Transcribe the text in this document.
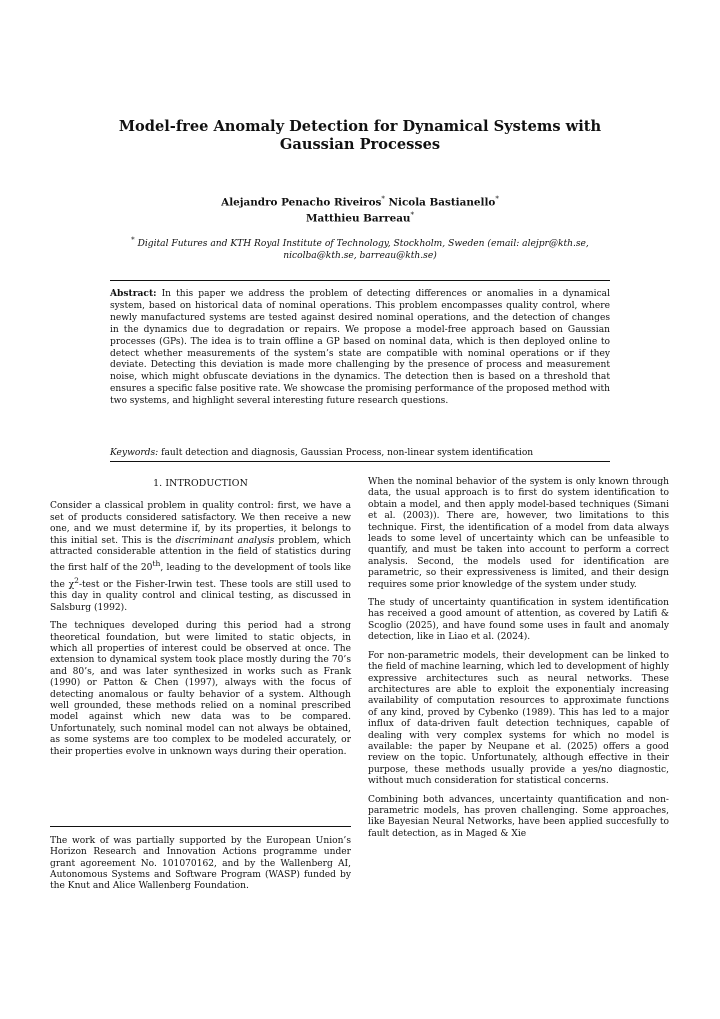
Model-free Anomaly Detection for Dynamical Systems with Gaussian Processes
Alejandro Penacho Riveiros* Nicola Bastianello*
Matthieu Barreau*
* Digital Futures and KTH Royal Institute of Technology, Stockholm, Sweden (email: alejpr@kth.se, nicolba@kth.se, barreau@kth.se)
Abstract: In this paper we address the problem of detecting differences or anomalies in a dynamical system, based on historical data of nominal operations. This problem encompasses quality control, where newly manufactured systems are tested against desired nominal operations, and the detection of changes in the dynamics due to degradation or repairs. We propose a model-free approach based on Gaussian processes (GPs). The idea is to train offline a GP based on nominal data, which is then deployed online to detect whether measurements of the system’s state are compatible with nominal operations or if they deviate. Detecting this deviation is made more challenging by the presence of process and measurement noise, which might obfuscate deviations in the dynamics. The detection then is based on a threshold that ensures a specific false positive rate. We showcase the promising performance of the proposed method with two systems, and highlight several interesting future research questions.
Keywords: fault detection and diagnosis, Gaussian Process, non-linear system identification
1. INTRODUCTION

Consider a classical problem in quality control: first, we have a set of products considered satisfactory. We then receive a new one, and we must determine if, by its properties, it belongs to this initial set. This is the discriminant analysis problem, which attracted considerable attention in the field of statistics during the first half of the 20th, leading to the development of tools like the $\chi^2$-test or the Fisher-Irwin test. These tools are still used to this day in quality control and clinical testing, as discussed in Salsburg (1992).

The techniques developed during this period had a strong theoretical foundation, but were limited to static objects, in which all properties of interest could be observed at once. The extension to dynamical system took place mostly during the 70’s and 80’s, and was later synthesized in works such as Frank (1990) or Patton & Chen (1997), always with the focus of detecting anomalous or faulty behavior of a system. Although well grounded, these methods relied on a nominal prescribed model against which new data was to be compared. Unfortunately, such nominal model can not always be obtained, as some systems are too complex to be modeled accurately, or their properties evolve in unknown ways during their operation.

The work of was partially supported by the European Union’s Horizon Research and Innovation Actions programme under grant agoreement No. 101070162, and by the Wallenberg AI, Autonomous Systems and Software Program (WASP) funded by the Knut and Alice Wallenberg Foundation.

When the nominal behavior of the system is only known through data, the usual approach is to first do system identification to obtain a model, and then apply model-based techniques (Simani et al. (2003)). There are, however, two limitations to this technique. First, the identification of a model from data always leads to some level of uncertainty which can be unfeasible to quantify, and must be taken into account to perform a correct analysis. Second, the models used for identification are parametric, so their expressiveness is limited, and their design requires some prior knowledge of the system under study.

The study of uncertainty quantification in system identification has received a good amount of attention, as covered by Latifi & Scoglio (2025), and have found some uses in fault and anomaly detection, like in Liao et al. (2024).

For non-parametric models, their development can be linked to the field of machine learning, which led to development of highly expressive architectures such as neural networks. These architectures are able to exploit the exponentialy increasing availability of computation resources to approximate functions of any kind, proved by Cybenko (1989). This has led to a major influx of data-driven fault detection techniques, capable of dealing with very complex systems for which no model is available: the paper by Neupane et al. (2025) offers a good review on the topic. Unfortunately, although effective in their purpose, these methods usually provide a yes/no diagnostic, without much consideration for statistical concerns.

Combining both advances, uncertainty quantification and non-parametric models, has proven challenging. Some approaches, like Bayesian Neural Networks, have been applied succesfully to fault detection, as in Maged & Xie
